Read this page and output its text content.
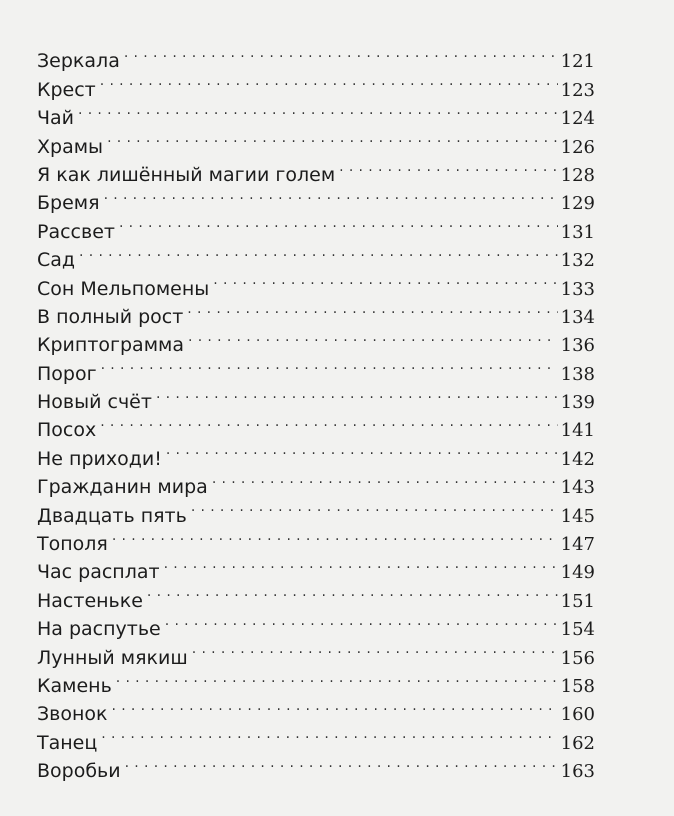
Зеркала . . .	121
Крест . . .	123
Чай . . .	124
Храмы . . .	126
Я как лишённый магии голем . . .	128
Бремя . . .	129
Рассвет . . .	131
Сад . . .	132
Сон Мельпомены . . .	133
В полный рост . . .	134
Криптограмма . . .	136
Порог . . .	138
Новый счёт . . .	139
Посох . . .	141
Не приходи! . . .	142
Гражданин мира . . .	143
Двадцать пять . . .	145
Тополя . . .	147
Час расплат . . .	149
Настеньке . . .	151
На распутье . . .	154
Лунный мякиш . . .	156
Камень . . .	158
Звонок . . .	160
Танец . . .	162
Воробьи . . .	163
